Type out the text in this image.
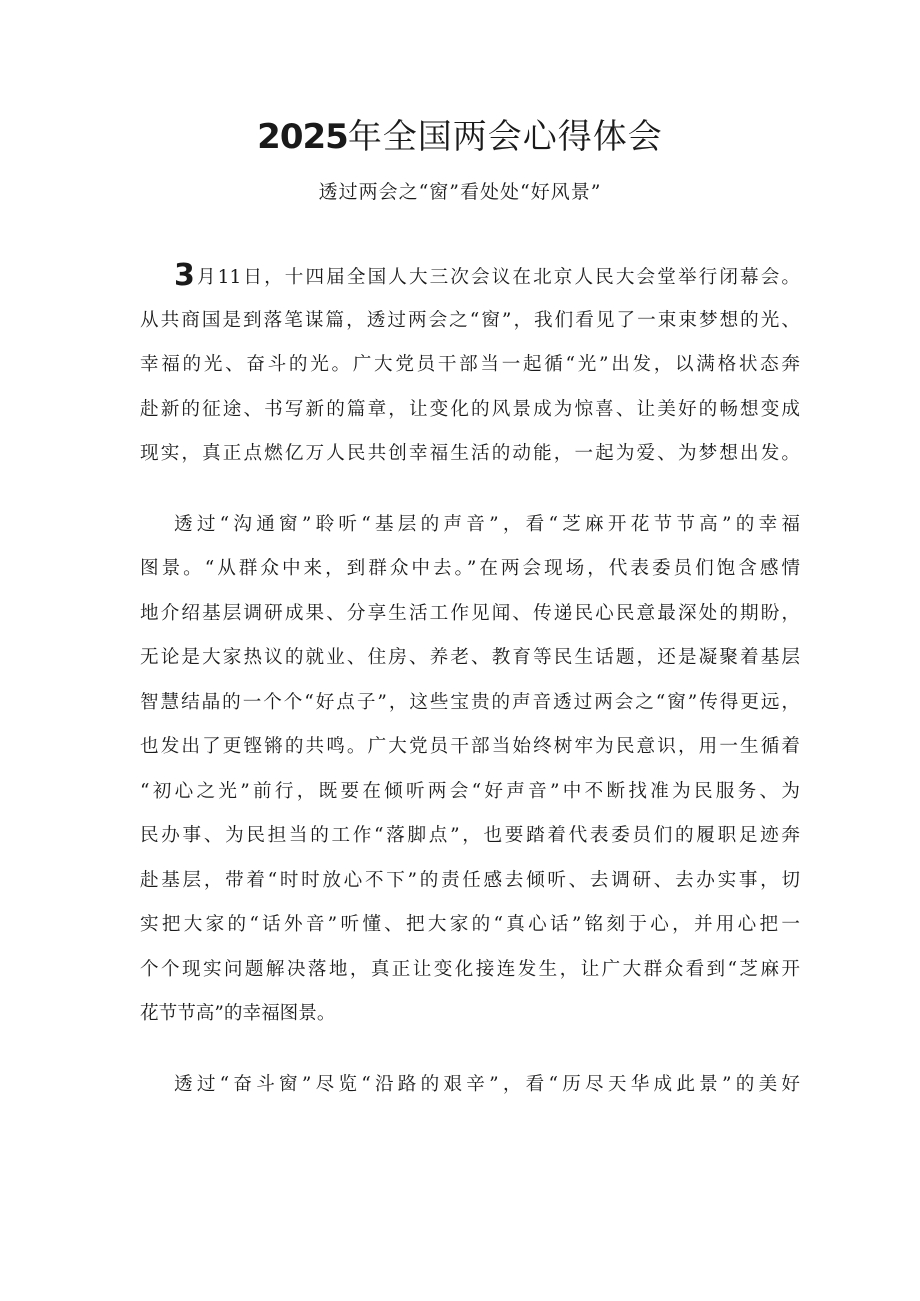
2025年全国两会心得体会
透过两会之“窗”看处处“好风景”
3月11日，十四届全国人大三次会议在北京人民大会堂举行闭幕会。
从共商国是到落笔谋篇，透过两会之“窗”，我们看见了一束束梦想的光、
幸福的光、奋斗的光。广大党员干部当一起循“光”出发，以满格状态奔
赴新的征途、书写新的篇章，让变化的风景成为惊喜、让美好的畅想变成
现实，真正点燃亿万人民共创幸福生活的动能，一起为爱、为梦想出发。
透过“沟通窗”聆听“基层的声音”，看“芝麻开花节节高”的幸福
图景。“从群众中来，到群众中去。”在两会现场，代表委员们饱含感情
地介绍基层调研成果、分享生活工作见闻、传递民心民意最深处的期盼，
无论是大家热议的就业、住房、养老、教育等民生话题，还是凝聚着基层
智慧结晶的一个个“好点子”，这些宝贵的声音透过两会之“窗”传得更远，
也发出了更铿锵的共鸣。广大党员干部当始终树牢为民意识，用一生循着
“初心之光”前行，既要在倾听两会“好声音”中不断找准为民服务、为
民办事、为民担当的工作“落脚点”，也要踏着代表委员们的履职足迹奔
赴基层，带着“时时放心不下”的责任感去倾听、去调研、去办实事，切
实把大家的“话外音”听懂、把大家的“真心话”铭刻于心，并用心把一
个个现实问题解决落地，真正让变化接连发生，让广大群众看到“芝麻开
花节节高”的幸福图景。
透过“奋斗窗”尽览“沿路的艰辛”，看“历尽天华成此景”的美好
